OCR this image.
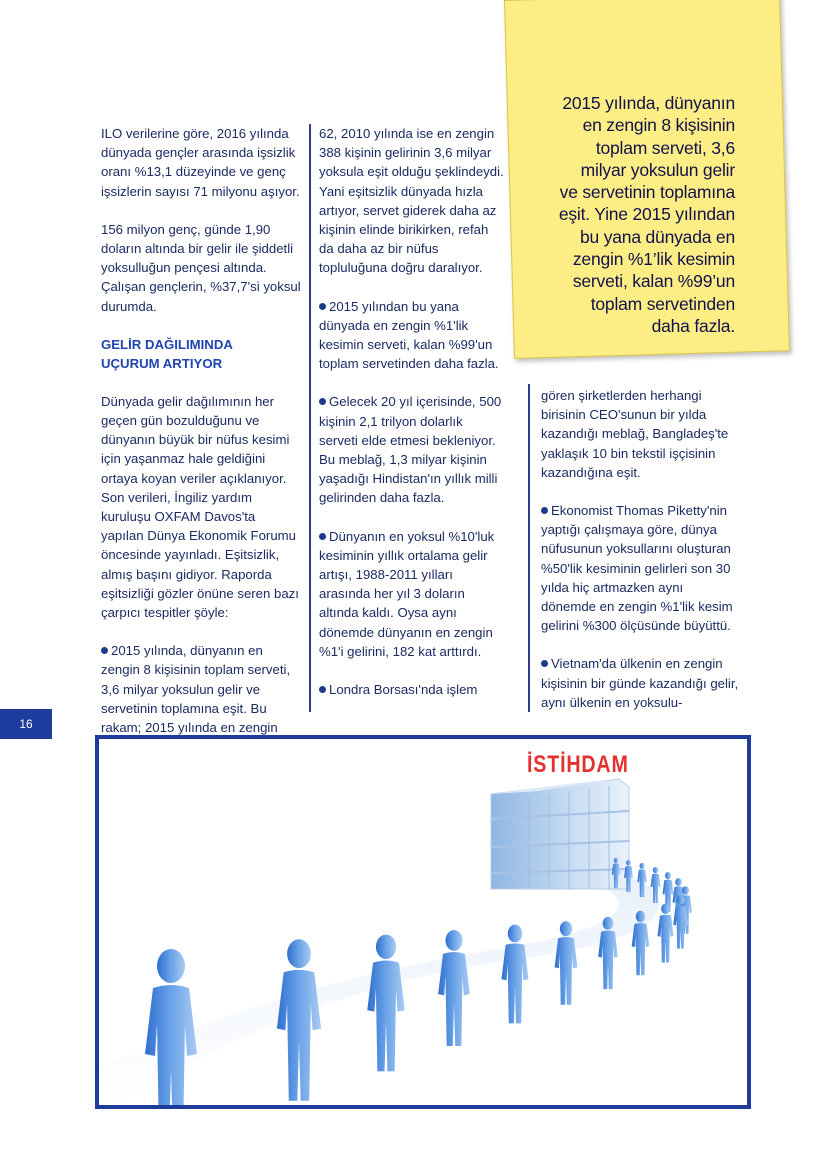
2015 yılında, dünyanın
en zengin 8 kişisinin
toplam serveti, 3,6
milyar yoksulun gelir
ve servetinin toplamına
eşit. Yine 2015 yılından
bu yana dünyada en
zengin %1’lik kesimin
serveti, kalan %99’un
toplam servetinden
daha fazla.

ILO verilerine göre, 2016 yılında dünyada gençler arasında işsizlik oranı %13,1 düzeyinde ve genç işsizlerin sayısı 71 milyonu aşıyor.

156 milyon genç, günde 1,90 doların altında bir gelir ile şiddetli yoksulluğun pençesi altında. Çalışan gençlerin, %37,7'si yoksul durumda.

GELİR DAĞILIMINDA
UÇURUM ARTIYOR

Dünyada gelir dağılımının her geçen gün bozulduğunu ve dünyanın büyük bir nüfus kesimi için yaşanmaz hale geldiğini ortaya koyan veriler açıklanıyor. Son verileri, İngiliz yardım kuruluşu OXFAM Davos'ta yapılan Dünya Ekonomik Forumu öncesinde yayınladı. Eşitsizlik, almış başını gidiyor. Raporda eşitsizliği gözler önüne seren bazı çarpıcı tespitler şöyle:

2015 yılında, dünyanın en zengin 8 kişisinin toplam serveti, 3,6 milyar yoksulun gelir ve servetinin toplamına eşit. Bu rakam; 2015 yılında en zengin

62, 2010 yılında ise en zengin 388 kişinin gelirinin 3,6 milyar yoksula eşit olduğu şeklindeydi. Yani eşitsizlik dünyada hızla artıyor, servet giderek daha az kişinin elinde birikirken, refah da daha az bir nüfus topluluğuna doğru daralıyor.

2015 yılından bu yana dünyada en zengin %1'lik kesimin serveti, kalan %99'un toplam servetinden daha fazla.

Gelecek 20 yıl içerisinde, 500 kişinin 2,1 trilyon dolarlık serveti elde etmesi bekleniyor. Bu meblağ, 1,3 milyar kişinin yaşadığı Hindistan'ın yıllık milli gelirinden daha fazla.

Dünyanın en yoksul %10'luk kesiminin yıllık ortalama gelir artışı, 1988-2011 yılları arasında her yıl 3 doların altında kaldı. Oysa aynı dönemde dünyanın en zengin %1'i gelirini, 182 kat arttırdı.

Londra Borsası'nda işlem

gören şirketlerden herhangi birisinin CEO'sunun bir yılda kazandığı meblağ, Bangladeş'te yaklaşık 10 bin tekstil işçisinin kazandığına eşit.

Ekonomist Thomas Piketty'nin yaptığı çalışmaya göre, dünya nüfusunun yoksullarını oluşturan %50'lik kesiminin gelirleri son 30 yılda hiç artmazken aynı dönemde en zengin %1'lik kesim gelirini %300 ölçüsünde büyüttü.

Vietnam'da ülkenin en zengin kişisinin bir günde kazandığı gelir, aynı ülkenin en yoksulu-

16
İSTİHDAM
